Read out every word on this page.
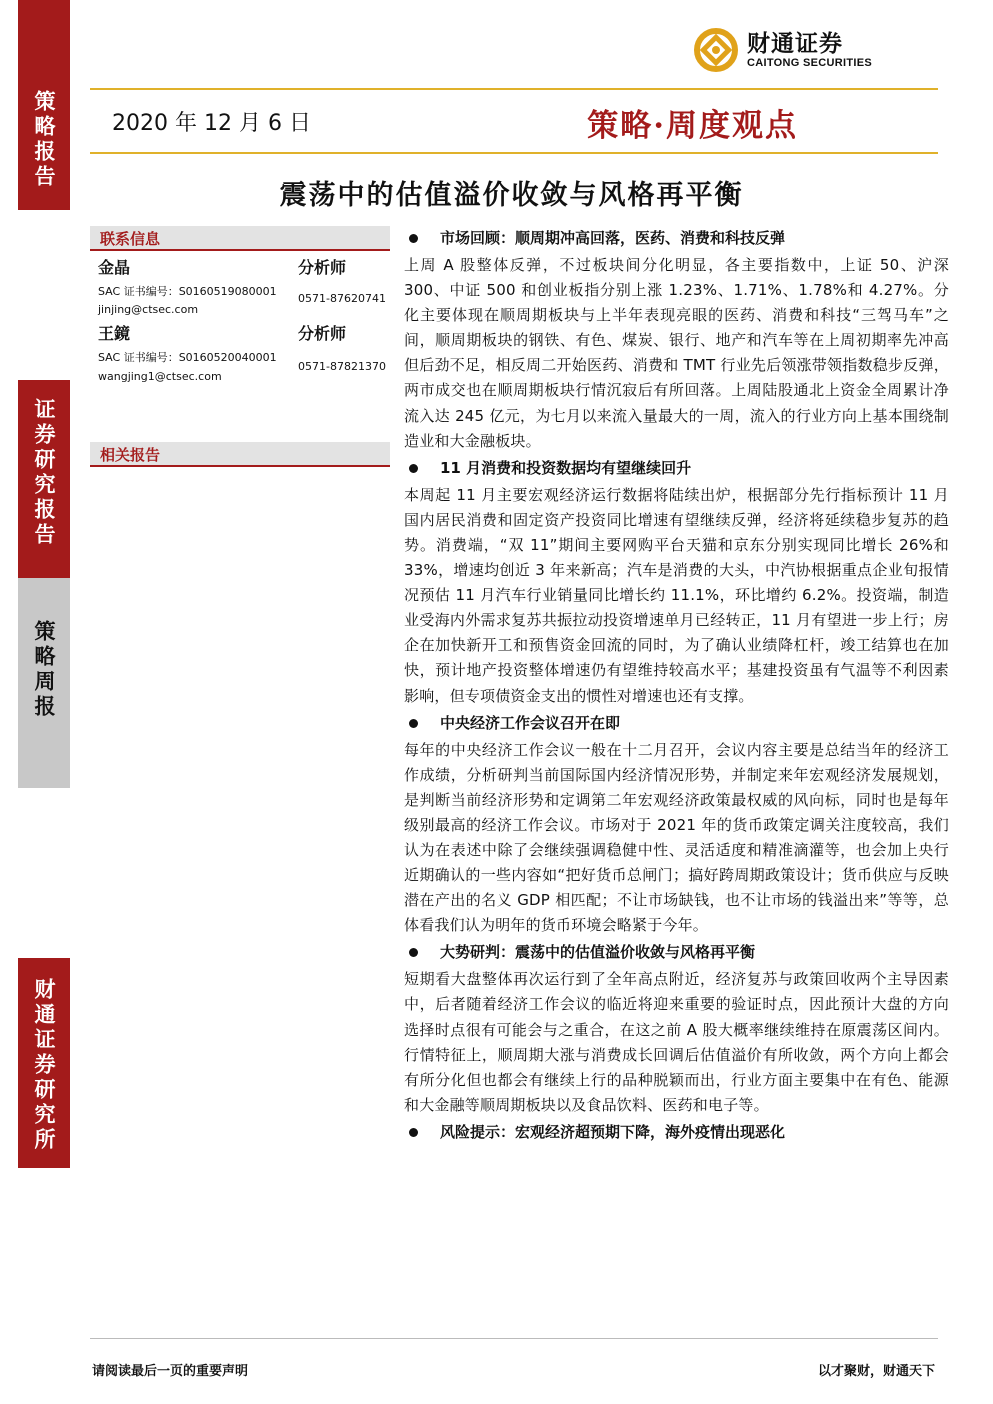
策略报告
证券研究报告
策略周报
财通证券研究所
财通证券
CAITONG SECURITIES
2020 年 12 月 6 日	策略·周度观点
震荡中的估值溢价收敛与风格再平衡
联系信息
金晶	分析师
SAC 证书编号：S0160519080001
0571-87620741
jinjing@ctsec.com
王鏡	分析师
SAC 证书编号：S0160520040001
0571-87821370
wangjing1@ctsec.com
相关报告
市场回顾：顺周期冲高回落，医药、消费和科技反弹
上周 A 股整体反弹，不过板块间分化明显，各主要指数中，上证 50、沪深 300、中证 500 和创业板指分别上涨 1.23%、1.71%、1.78%和 4.27%。分化主要体现在顺周期板块与上半年表现亮眼的医药、消费和科技“三驾马车”之间，顺周期板块的钢铁、有色、煤炭、银行、地产和汽车等在上周初期率先冲高但后劲不足，相反周二开始医药、消费和 TMT 行业先后领涨带领指数稳步反弹，两市成交也在顺周期板块行情沉寂后有所回落。上周陆股通北上资金全周累计净流入达 245 亿元，为七月以来流入量最大的一周，流入的行业方向上基本围绕制造业和大金融板块。
11 月消费和投资数据均有望继续回升
本周起 11 月主要宏观经济运行数据将陆续出炉，根据部分先行指标预计 11 月国内居民消费和固定资产投资同比增速有望继续反弹，经济将延续稳步复苏的趋势。消费端，“双 11”期间主要网购平台天猫和京东分别实现同比增长 26%和 33%，增速均创近 3 年来新高；汽车是消费的大头，中汽协根据重点企业旬报情况预估 11 月汽车行业销量同比增长约 11.1%，环比增约 6.2%。投资端，制造业受海内外需求复苏共振拉动投资增速单月已经转正，11 月有望进一步上行；房企在加快新开工和预售资金回流的同时，为了确认业绩降杠杆，竣工结算也在加快，预计地产投资整体增速仍有望维持较高水平；基建投资虽有气温等不利因素影响，但专项债资金支出的惯性对增速也还有支撑。
中央经济工作会议召开在即
每年的中央经济工作会议一般在十二月召开，会议内容主要是总结当年的经济工作成绩，分析研判当前国际国内经济情况形势，并制定来年宏观经济发展规划，是判断当前经济形势和定调第二年宏观经济政策最权威的风向标，同时也是每年级别最高的经济工作会议。市场对于 2021 年的货币政策定调关注度较高，我们认为在表述中除了会继续强调稳健中性、灵活适度和精准滴灌等，也会加上央行近期确认的一些内容如“把好货币总闸门；搞好跨周期政策设计；货币供应与反映潜在产出的名义 GDP 相匹配；不让市场缺钱，也不让市场的钱溢出来”等等，总体看我们认为明年的货币环境会略紧于今年。
大势研判：震荡中的估值溢价收敛与风格再平衡
短期看大盘整体再次运行到了全年高点附近，经济复苏与政策回收两个主导因素中，后者随着经济工作会议的临近将迎来重要的验证时点，因此预计大盘的方向选择时点很有可能会与之重合，在这之前 A 股大概率继续维持在原震荡区间内。行情特征上，顺周期大涨与消费成长回调后估值溢价有所收敛，两个方向上都会有所分化但也都会有继续上行的品种脱颖而出，行业方面主要集中在有色、能源和大金融等顺周期板块以及食品饮料、医药和电子等。
风险提示：宏观经济超预期下降，海外疫情出现恶化
请阅读最后一页的重要声明	以才聚财，财通天下
